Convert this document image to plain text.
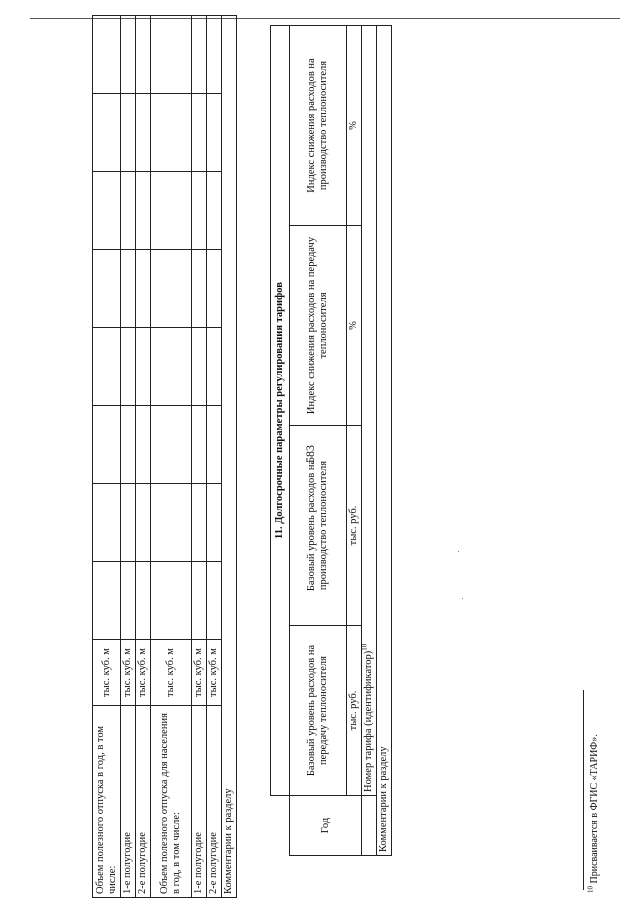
583
Объем полезного отпуска в год, в том числе:	тыс. куб. м								
1-е полугодие	тыс. куб. м								
2-е полугодие	тыс. куб. м								
Объем полезного отпуска для населения в год, в том числе:	тыс. куб. м								
1-е полугодие	тыс. куб. м								
2-е полугодие	тыс. куб. м								
Комментарии к разделу									
	11. Долгосрочные параметры регулирования тарифов			
Год	Базовый уровень расходов на передачу теплоносителя	Базовый уровень расходов на производство теплоносителя	Индекс снижения расходов на передачу теплоносителя	Индекс снижения расходов на производство теплоносителя
	тыс. руб.	тыс. руб.	%	%
	Номер тарифа (идентификатор)$^{10}$
Комментарии к разделу				
$^{10}$ Присваивается в ФГИС «ТАРИФ».
